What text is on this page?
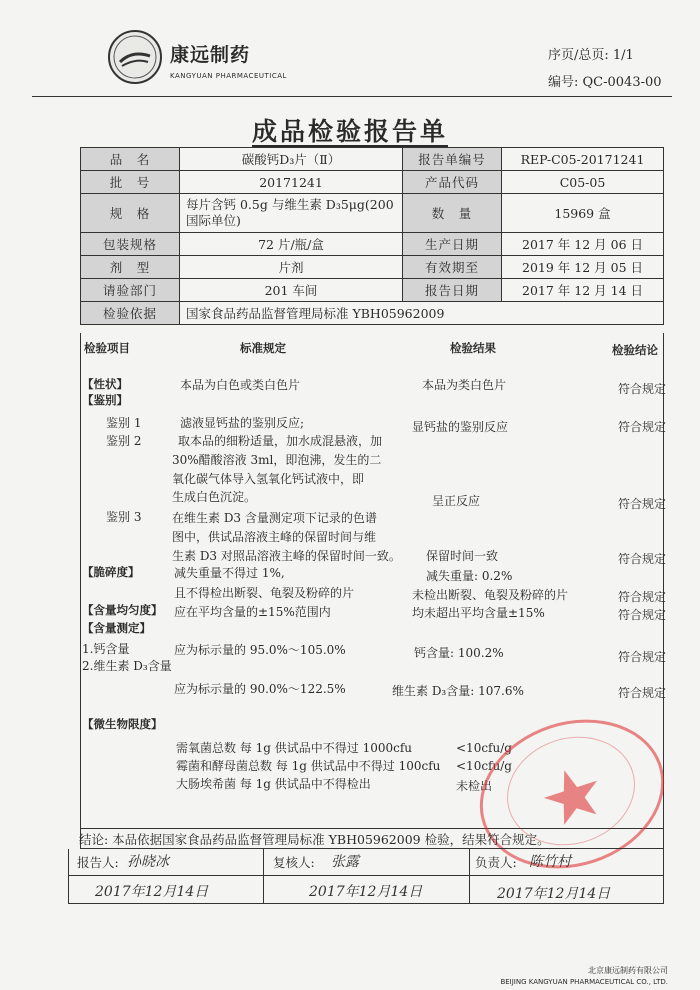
康远制药
KANGYUAN PHARMACEUTICAL
序页/总页: 1/1
编号: QC-0043-00
成品检验报告单
品　名	碳酸钙D₃片（Ⅱ）	报告单编号	REP-C05-20171241
批　号	20171241	产品代码	C05-05
规　格	每片含钙 0.5g 与维生素 D₃5μg(200 国际单位)	数　量	15969 盒
包装规格	72 片/瓶/盒	生产日期	2017 年 12 月 06 日
剂　型	片剂	有效期至	2019 年 12 月 05 日
请验部门	201 车间	报告日期	2017 年 12 月 14 日
检验依据	国家食品药品监督管理局标准 YBH05962009		
检验项目	标准规定	检验结果	检验结论
【性状】	本品为白色或类白色片	本品为类白色片	符合规定
【鉴别】
鉴别 1	滤液显钙盐的鉴别反应;	显钙盐的鉴别反应	符合规定
鉴别 2	取本品的细粉适量，加水成混悬液，加
30%醋酸溶液 3ml，即泡沸，发生的二
氧化碳气体导入氢氧化钙试液中，即
生成白色沉淀。	呈正反应	符合规定
鉴别 3	在维生素 D3 含量测定项下记录的色谱
图中，供试品溶液主峰的保留时间与维
生素 D3 对照品溶液主峰的保留时间一致。 保留时间一致	符合规定
【脆碎度】	减失重量不得过 1%,	减失重量: 0.2%
且不得检出断裂、龟裂及粉碎的片	未检出断裂、龟裂及粉碎的片	符合规定
【含量均匀度】 应在平均含量的±15%范围内	均未超出平均含量±15%	符合规定
【含量测定】
1.钙含量	应为标示量的 95.0%～105.0%	钙含量: 100.2%	符合规定
2.维生素 D₃含量
应为标示量的 90.0%～122.5%	维生素 D₃含量: 107.6%	符合规定
【微生物限度】
需氧菌总数 每 1g 供试品中不得过 1000cfu	<10cfu/g
霉菌和酵母菌总数 每 1g 供试品中不得过 100cfu <10cfu/g
大肠埃希菌 每 1g 供试品中不得检出	未检出
结论: 本品依据国家食品药品监督管理局标准 YBH05962009 检验，结果符合规定。
报告人: 孙晓冰	复核人: 张露	负责人: 陈竹村
2017年12月14日	2017年12月14日	2017年12月14日
北京康远制药有限公司
BEIJING KANGYUAN PHARMACEUTICAL CO., LTD.
